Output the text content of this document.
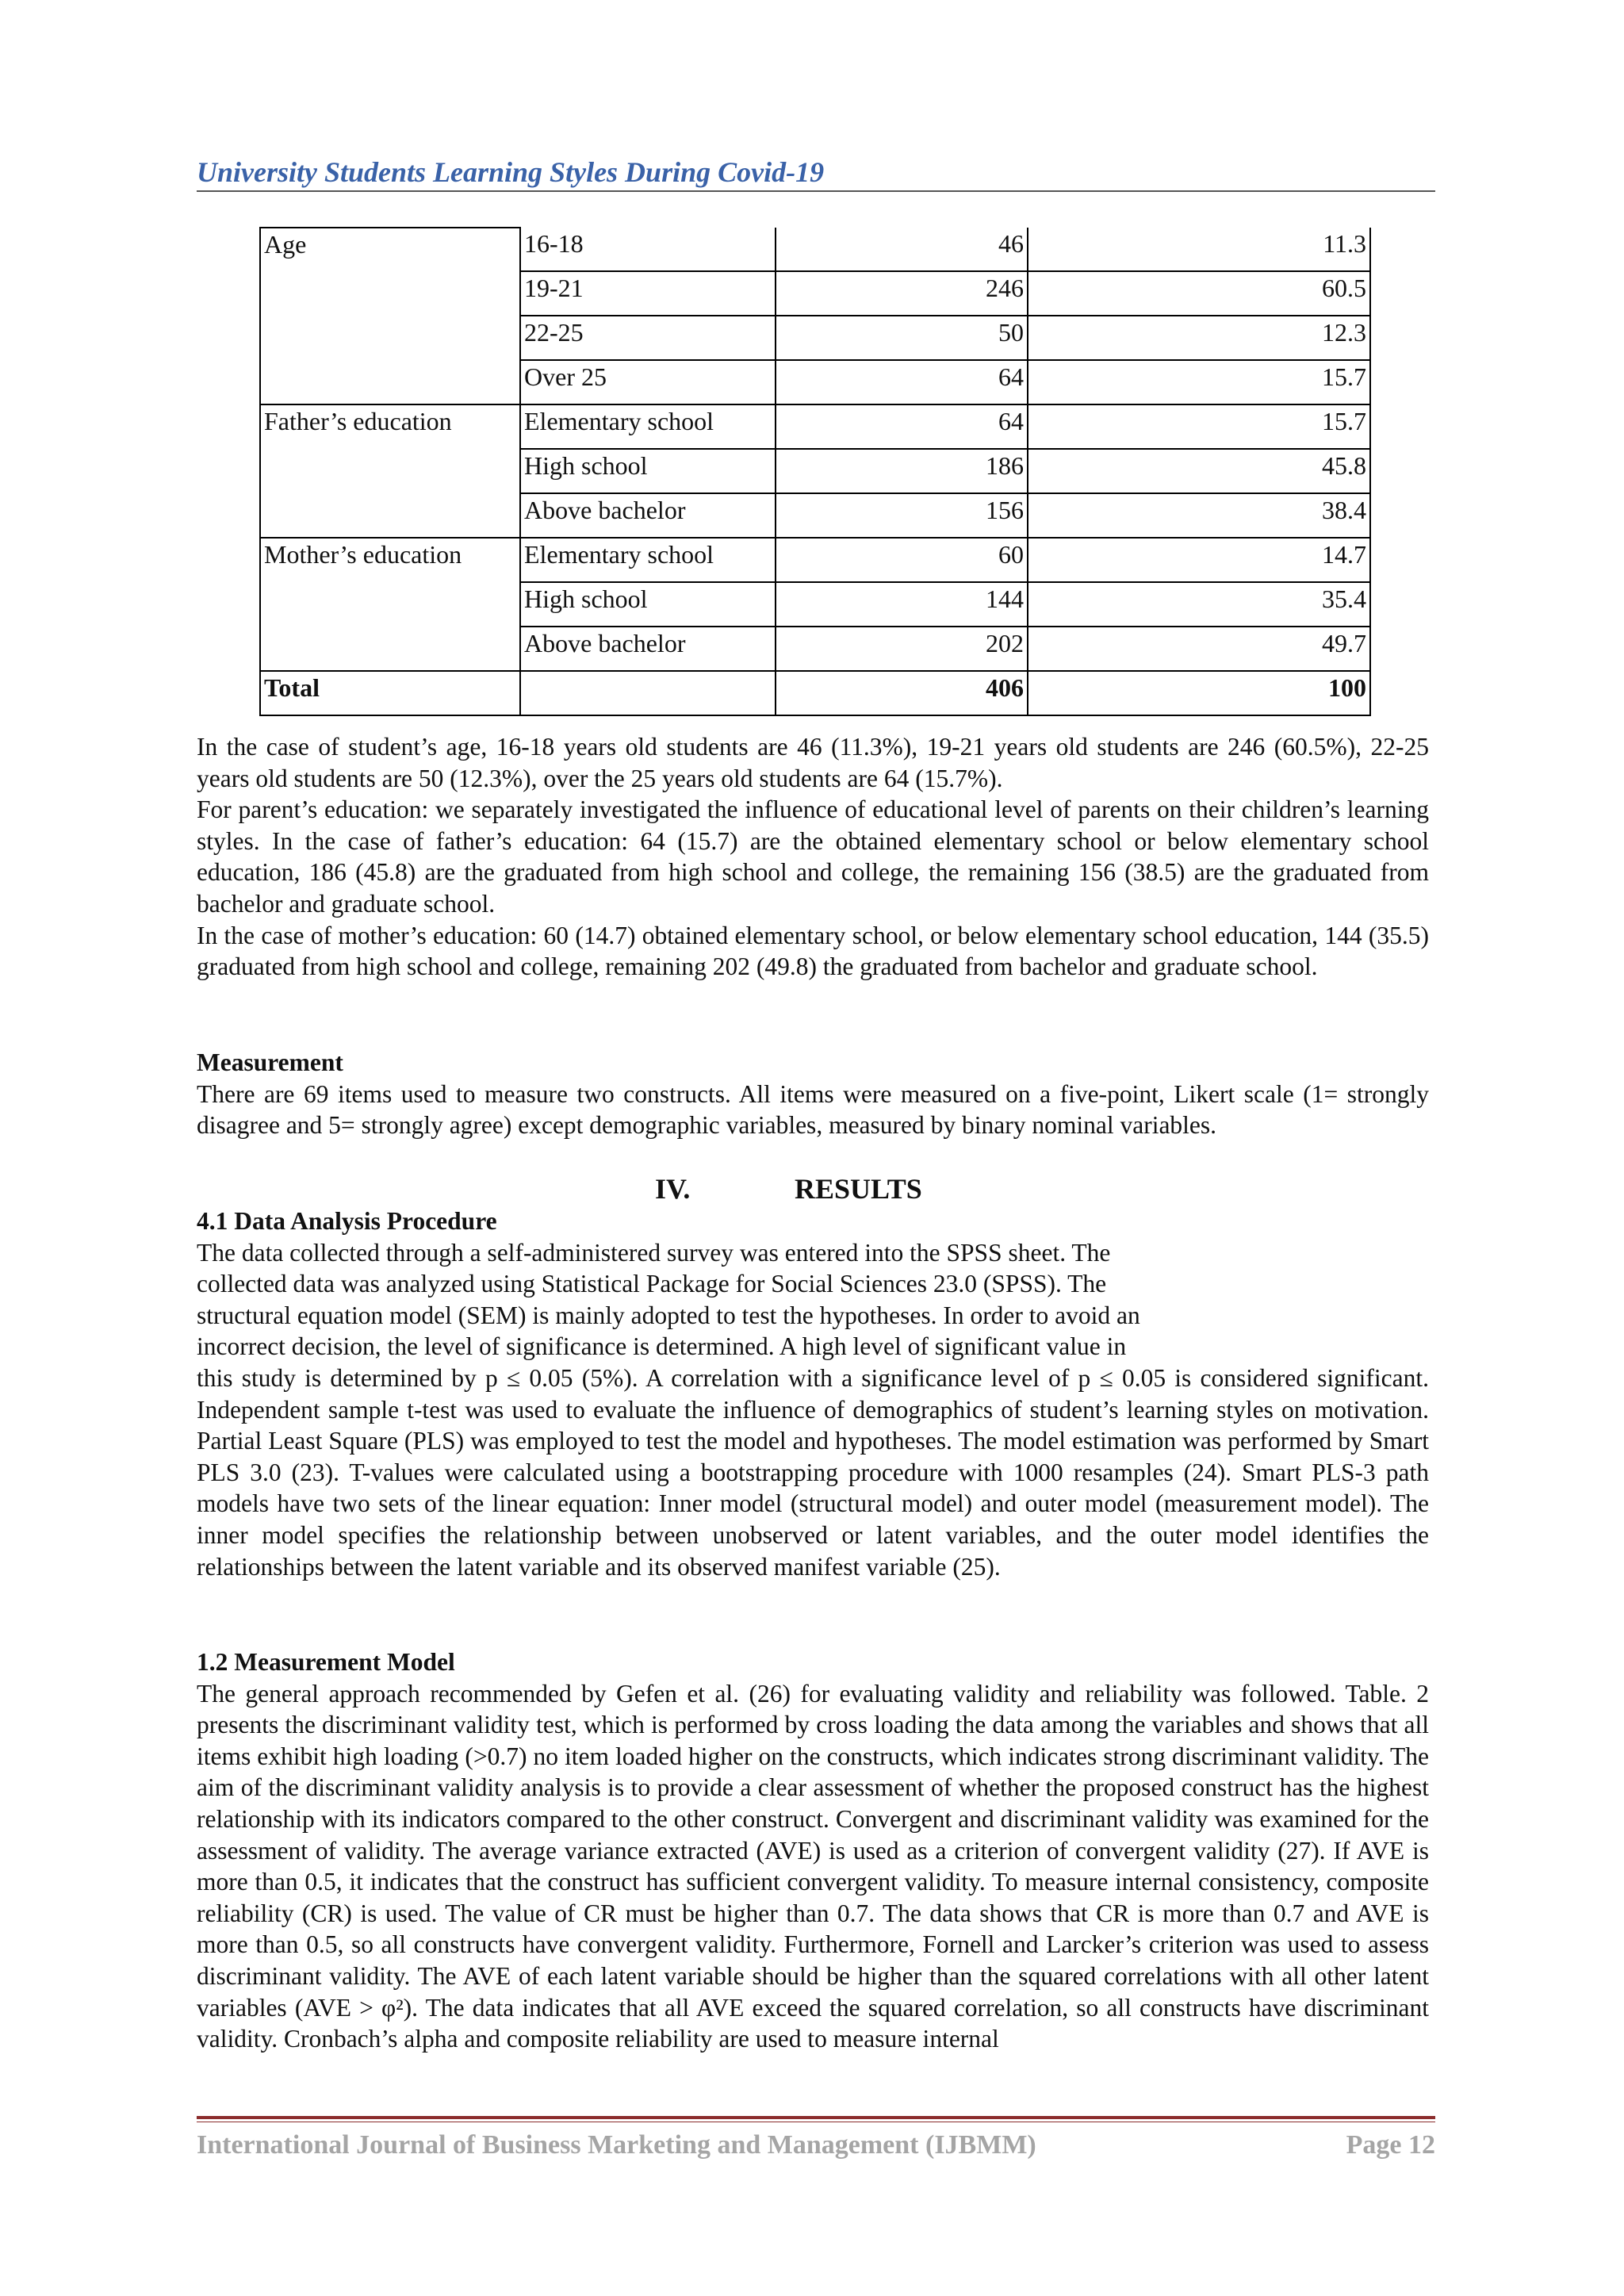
University Students Learning Styles During Covid-19
Age	16-18	46	11.3
	19-21	246	60.5
	22-25	50	12.3
	Over 25	64	15.7
Father’s education	Elementary school	64	15.7
	High school	186	45.8
	Above bachelor	156	38.4
Mother’s education	Elementary school	60	14.7
	High school	144	35.4
	Above bachelor	202	49.7
Total		406	100

In the case of student’s age, 16-18 years old students are 46 (11.3%), 19-21 years old students are 246 (60.5%), 22-25 years old students are 50 (12.3%), over the 25 years old students are 64 (15.7%).

For parent’s education: we separately investigated the influence of educational level of parents on their children’s learning styles. In the case of father’s education: 64 (15.7) are the obtained elementary school or below elementary school education, 186 (45.8) are the graduated from high school and college, the remaining 156 (38.5) are the graduated from bachelor and graduate school.

In the case of mother’s education: 60 (14.7) obtained elementary school, or below elementary school education, 144 (35.5) graduated from high school and college, remaining 202 (49.8) the graduated from bachelor and graduate school.

Measurement

There are 69 items used to measure two constructs. All items were measured on a five-point, Likert scale (1= strongly disagree and 5= strongly agree) except demographic variables, measured by binary nominal variables.

IV.	RESULTS

4.1 Data Analysis Procedure

The data collected through a self-administered survey was entered into the SPSS sheet. The

collected data was analyzed using Statistical Package for Social Sciences 23.0 (SPSS). The

structural equation model (SEM) is mainly adopted to test the hypotheses. In order to avoid an

incorrect decision, the level of significance is determined. A high level of significant value in

this study is determined by p ≤ 0.05 (5%). A correlation with a significance level of p ≤ 0.05 is considered significant. Independent sample t-test was used to evaluate the influence of demographics of student’s learning styles on motivation. Partial Least Square (PLS) was employed to test the model and hypotheses. The model estimation was performed by Smart PLS 3.0 (23). T-values were calculated using a bootstrapping procedure with 1000 resamples (24). Smart PLS-3 path models have two sets of the linear equation: Inner model (structural model) and outer model (measurement model). The inner model specifies the relationship between unobserved or latent variables, and the outer model identifies the relationships between the latent variable and its observed manifest variable (25).

1.2 Measurement Model

The general approach recommended by Gefen et al. (26) for evaluating validity and reliability was followed. Table. 2 presents the discriminant validity test, which is performed by cross loading the data among the variables and shows that all items exhibit high loading (>0.7) no item loaded higher on the constructs, which indicates strong discriminant validity. The aim of the discriminant validity analysis is to provide a clear assessment of whether the proposed construct has the highest relationship with its indicators compared to the other construct. Convergent and discriminant validity was examined for the assessment of validity. The average variance extracted (AVE) is used as a criterion of convergent validity (27). If AVE is more than 0.5, it indicates that the construct has sufficient convergent validity. To measure internal consistency, composite reliability (CR) is used. The value of CR must be higher than 0.7. The data shows that CR is more than 0.7 and AVE is more than 0.5, so all constructs have convergent validity. Furthermore, Fornell and Larcker’s criterion was used to assess discriminant validity. The AVE of each latent variable should be higher than the squared correlations with all other latent variables (AVE > φ²). The data indicates that all AVE exceed the squared correlation, so all constructs have discriminant validity. Cronbach’s alpha and composite reliability are used to measure internal

International Journal of Business Marketing and Management (IJBMM)	Page 12
